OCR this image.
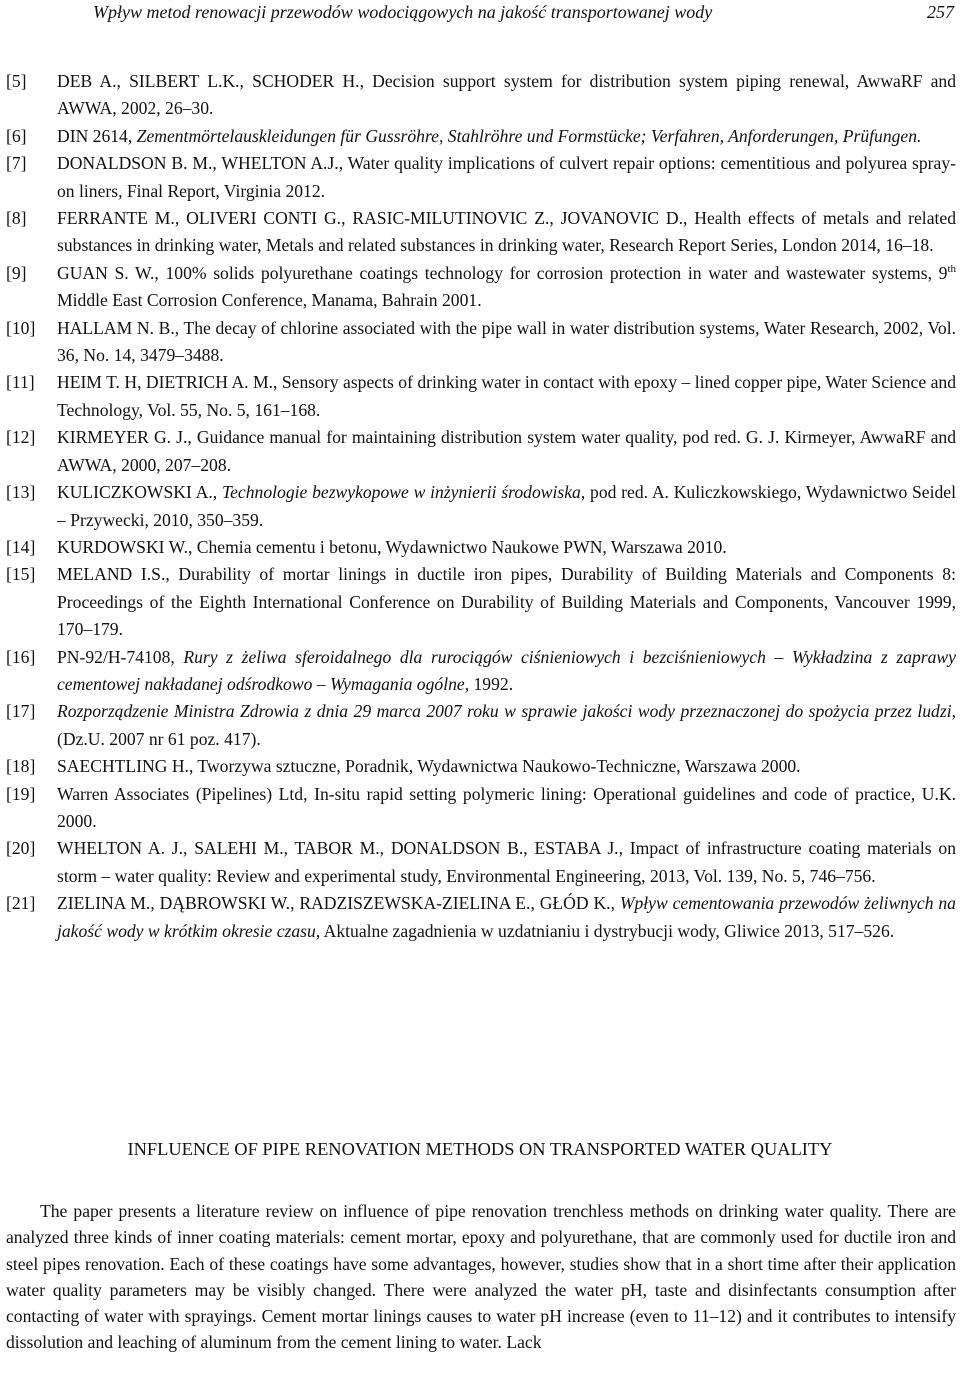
Wpływ metod renowacji przewodów wodociągowych na jakość transportowanej wody	257
[5] DEB A., SILBERT L.K., SCHODER H., Decision support system for distribution system piping renewal, AwwaRF and AWWA, 2002, 26–30.
[6] DIN 2614, Zementmörtelauskleidungen für Gussröhre, Stahlröhre und Formstücke; Verfahren, Anforderungen, Prüfungen.
[7] DONALDSON B. M., WHELTON A.J., Water quality implications of culvert repair options: cementitious and polyurea spray-on liners, Final Report, Virginia 2012.
[8] FERRANTE M., OLIVERI CONTI G., RASIC-MILUTINOVIC Z., JOVANOVIC D., Health effects of metals and related substances in drinking water, Metals and related substances in drinking water, Research Report Series, London 2014, 16–18.
[9] GUAN S. W., 100% solids polyurethane coatings technology for corrosion protection in water and wastewater systems, 9th Middle East Corrosion Conference, Manama, Bahrain 2001.
[10] HALLAM N. B., The decay of chlorine associated with the pipe wall in water distribution systems, Water Research, 2002, Vol. 36, No. 14, 3479–3488.
[11] HEIM T. H, DIETRICH A. M., Sensory aspects of drinking water in contact with epoxy – lined copper pipe, Water Science and Technology, Vol. 55, No. 5, 161–168.
[12] KIRMEYER G. J., Guidance manual for maintaining distribution system water quality, pod red. G. J. Kirmeyer, AwwaRF and AWWA, 2000, 207–208.
[13] KULICZKOWSKI A., Technologie bezwykopowe w inżynierii środowiska, pod red. A. Kuliczkowskiego, Wydawnictwo Seidel – Przywecki, 2010, 350–359.
[14] KURDOWSKI W., Chemia cementu i betonu, Wydawnictwo Naukowe PWN, Warszawa 2010.
[15] MELAND I.S., Durability of mortar linings in ductile iron pipes, Durability of Building Materials and Components 8: Proceedings of the Eighth International Conference on Durability of Building Materials and Components, Vancouver 1999, 170–179.
[16] PN-92/H-74108, Rury z żeliwa sferoidalnego dla rurociągów ciśnieniowych i bezciśnieniowych – Wykładzina z zaprawy cementowej nakładanej odśrodkowo – Wymagania ogólne, 1992.
[17] Rozporządzenie Ministra Zdrowia z dnia 29 marca 2007 roku w sprawie jakości wody przeznaczonej do spożycia przez ludzi, (Dz.U. 2007 nr 61 poz. 417).
[18] SAECHTLING H., Tworzywa sztuczne, Poradnik, Wydawnictwa Naukowo-Techniczne, Warszawa 2000.
[19] Warren Associates (Pipelines) Ltd, In-situ rapid setting polymeric lining: Operational guidelines and code of practice, U.K. 2000.
[20] WHELTON A. J., SALEHI M., TABOR M., DONALDSON B., ESTABA J., Impact of infrastructure coating materials on storm – water quality: Review and experimental study, Environmental Engineering, 2013, Vol. 139, No. 5, 746–756.
[21] ZIELINA M., DĄBROWSKI W., RADZISZEWSKA-ZIELINA E., GŁÓD K., Wpływ cementowania przewodów żeliwnych na jakość wody w krótkim okresie czasu, Aktualne zagadnienia w uzdatnianiu i dystrybucji wody, Gliwice 2013, 517–526.
INFLUENCE OF PIPE RENOVATION METHODS ON TRANSPORTED WATER QUALITY

The paper presents a literature review on influence of pipe renovation trenchless methods on drinking water quality. There are analyzed three kinds of inner coating materials: cement mortar, epoxy and polyurethane, that are commonly used for ductile iron and steel pipes renovation. Each of these coatings have some advantages, however, studies show that in a short time after their application water quality parameters may be visibly changed. There were analyzed the water pH, taste and disinfectants consumption after contacting of water with sprayings. Cement mortar linings causes to water pH increase (even to 11–12) and it contributes to intensify dissolution and leaching of aluminum from the cement lining to water. Lack
